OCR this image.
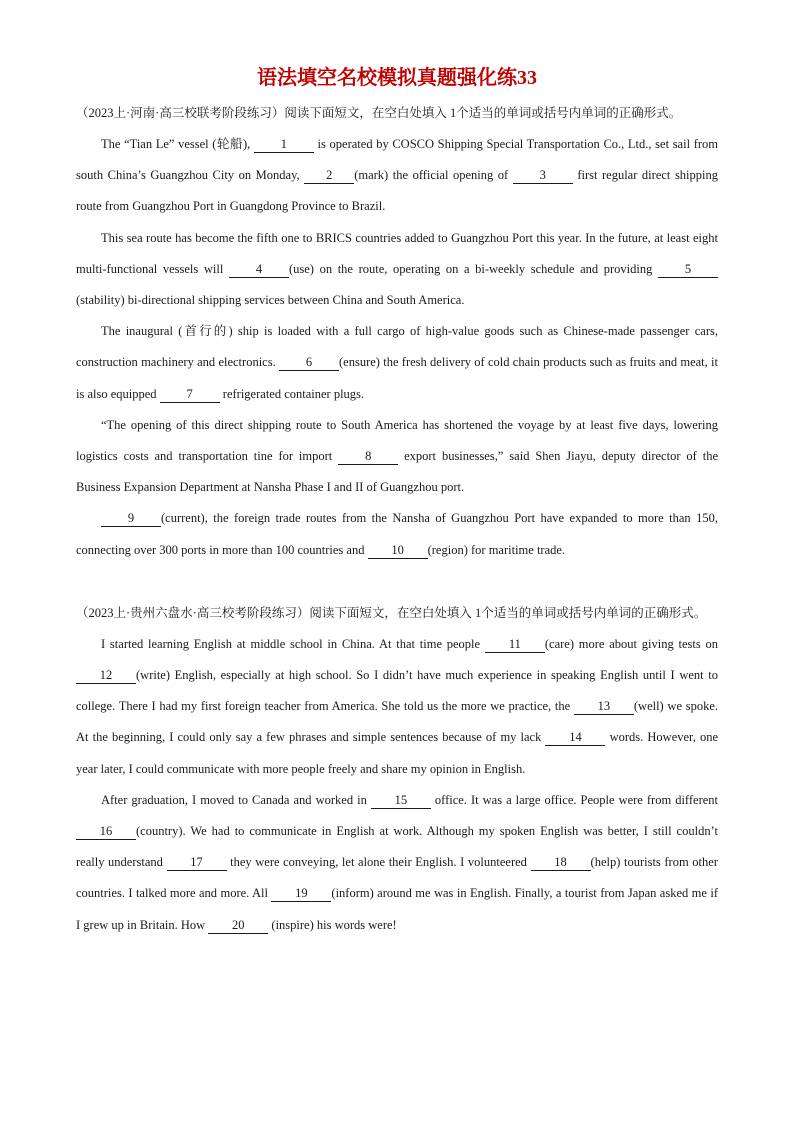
语法填空名校模拟真题强化练33

（2023上·河南·高三校联考阶段练习）阅读下面短文，在空白处填入 1个适当的单词或括号内单词的正确形式。

The “Tian Le” vessel (轮船), 1 is operated by COSCO Shipping Special Transportation Co., Ltd., set sail from south China’s Guangzhou City on Monday, 2 (mark) the official opening of 3 first regular direct shipping route from Guangzhou Port in Guangdong Province to Brazil.

This sea route has become the fifth one to BRICS countries added to Guangzhou Port this year. In the future, at least eight multi-functional vessels will 4 (use) on the route, operating on a bi-weekly schedule and providing 5(stability) bi-directional shipping services between China and South America.

The inaugural (首行的) ship is loaded with a full cargo of high-value goods such as Chinese-made passenger cars, construction machinery and electronics. 6 (ensure) the fresh delivery of cold chain products such as fruits and meat, it is also equipped 7 refrigerated container plugs.

“The opening of this direct shipping route to South America has shortened the voyage by at least five days, lowering logistics costs and transportation tine for import 8 export businesses,” said Shen Jiayu, deputy director of the Business Expansion Department at Nansha Phase I and II of Guangzhou port.

9 (current), the foreign trade routes from the Nansha of Guangzhou Port have expanded to more than 150, connecting over 300 ports in more than 100 countries and 10 (region) for maritime trade.

（2023上·贵州六盘水·高三校考阶段练习）阅读下面短文，在空白处填入 1个适当的单词或括号内单词的正确形式。

I started learning English at middle school in China. At that time people 11 (care) more about giving tests on 12 (write) English, especially at high school. So I didn’t have much experience in speaking English until I went to college. There I had my first foreign teacher from America. She told us the more we practice, the 13 (well) we spoke. At the beginning, I could only say a few phrases and simple sentences because of my lack 14 words. However, one year later, I could communicate with more people freely and share my opinion in English.

After graduation, I moved to Canada and worked in 15 office. It was a large office. People were from different 16 (country). We had to communicate in English at work. Although my spoken English was better, I still couldn’t really understand 17 they were conveying, let alone their English. I volunteered 18 (help) tourists from other countries. I talked more and more. All 19 (inform) around me was in English. Finally, a tourist from Japan asked me if I grew up in Britain. How 20 (inspire) his words were!
